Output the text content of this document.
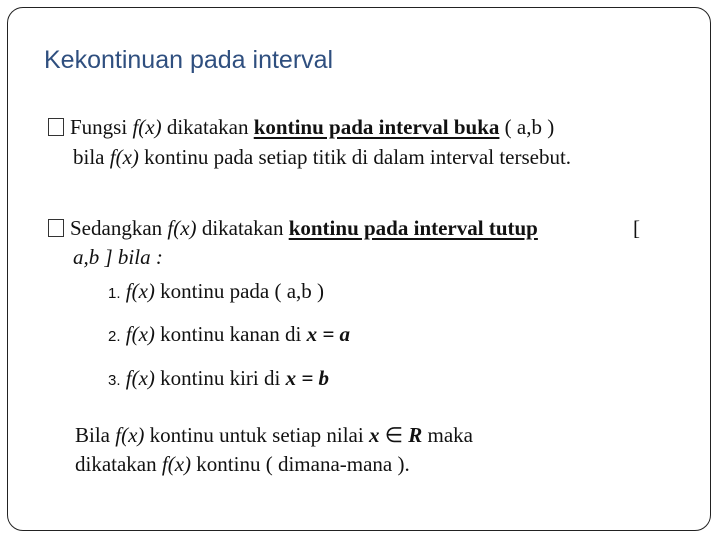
Kekontinuan pada interval
Fungsi f(x) dikatakan kontinu pada interval buka ( a,b )
bila f(x) kontinu pada setiap titik di dalam interval tersebut.
Sedangkan f(x) dikatakan kontinu pada interval tutup	[
a,b ] bila :
1. f(x) kontinu pada ( a,b )
2. f(x) kontinu kanan di x = a
3. f(x) kontinu kiri di x = b
Bila f(x) kontinu untuk setiap nilai x ∈ R maka
dikatakan f(x) kontinu ( dimana-mana ).
